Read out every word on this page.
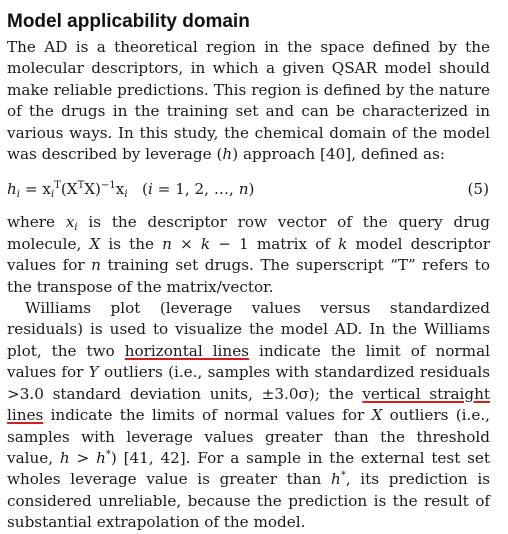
Model applicability domain

The AD is a theoretical region in the space defined by the molecular descriptors, in which a given QSAR model should make reliable predictions. This region is defined by the nature of the drugs in the training set and can be characterized in various ways. In this study, the chemical domain of the model was described by leverage (h) approach [40], defined as:

$h_i = x_i^T(X^TX)^{-1}x_i$ (i = 1, 2, …, n)	(5)

where $x_i$ is the descriptor row vector of the query drug molecule, X is the n × k − 1 matrix of k model descriptor values for n training set drugs. The superscript “T” refers to the transpose of the matrix/vector.

Williams plot (leverage values versus standardized residuals) is used to visualize the model AD. In the Williams plot, the two horizontal lines indicate the limit of normal values for Y outliers (i.e., samples with standardized residuals >3.0 standard deviation units, ±3.0σ); the vertical straight lines indicate the limits of normal values for X outliers (i.e., samples with leverage values greater than the threshold value, h > h*) [41, 42]. For a sample in the external test set wholes leverage value is greater than h*, its prediction is considered unreliable, because the prediction is the result of substantial extrapolation of the model.
